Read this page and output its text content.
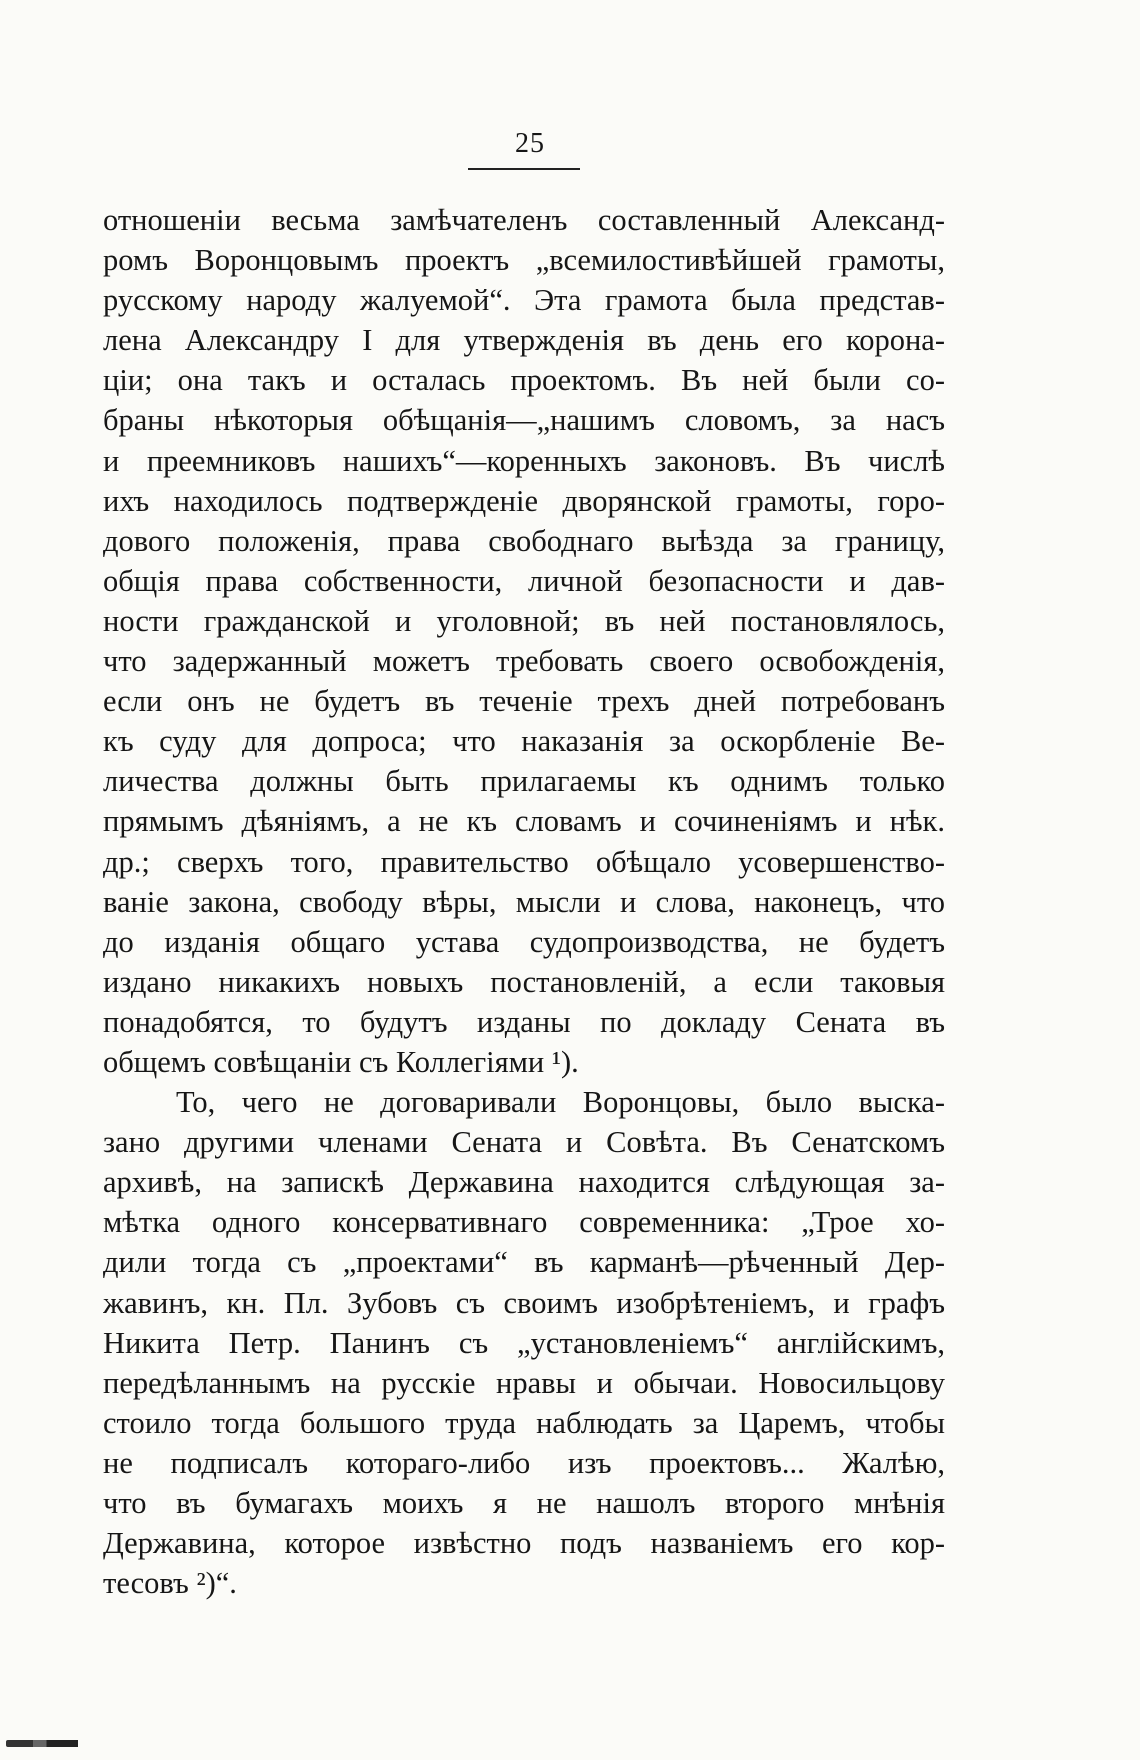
25
отношенiи весьма замѣчателенъ составленный Александ-
ромъ Воронцовымъ проектъ „всемилостивѣйшей грамоты,
русскому народу жалуемой“. Эта грамота была представ-
лена Александру I для утвержденiя въ день его корона-
цiи; она такъ и осталась проектомъ. Въ ней были со-
браны нѣкоторыя обѣщанiя—„нашимъ словомъ, за насъ
и преемниковъ нашихъ“—коренныхъ законовъ. Въ числѣ
ихъ находилось подтвержденiе дворянской грамоты, горо-
дового положенiя, права свободнаго выѣзда за границу,
общiя права собственности, личной безопасности и дав-
ности гражданской и уголовной; въ ней постановлялось,
что задержанный можетъ требовать своего освобожденiя,
если онъ не будетъ въ теченiе трехъ дней потребованъ
къ суду для допроса; что наказанiя за оскорбленiе Ве-
личества должны быть прилагаемы къ однимъ только
прямымъ дѣянiямъ, а не къ словамъ и сочиненiямъ и нѣк.
др.; сверхъ того, правительство обѣщало усовершенство-
ванiе закона, свободу вѣры, мысли и слова, наконецъ, что
до изданiя общаго устава судопроизводства, не будетъ
издано никакихъ новыхъ постановленiй, а если таковыя
понадобятся, то будутъ изданы по докладу Сената въ
общемъ совѣщанiи съ Коллегiями ¹).
То, чего не договаривали Воронцовы, было выска-
зано другими членами Сената и Совѣта. Въ Сенатскомъ
архивѣ, на запискѣ Державина находится слѣдующая за-
мѣтка одного консервативнаго современника: „Трое хо-
дили тогда съ „проектами“ въ карманѣ—рѣченный Дер-
жавинъ, кн. Пл. Зубовъ съ своимъ изобрѣтенiемъ, и графъ
Никита Петр. Панинъ съ „установленiемъ“ англiйскимъ,
передѣланнымъ на русскiе нравы и обычаи. Новосильцову
стоило тогда большого труда наблюдать за Царемъ, чтобы
не подписалъ котораго-либо изъ проектовъ... Жалѣю,
что въ бумагахъ моихъ я не нашолъ второго мнѣнiя
Державина, которое извѣстно подъ названiемъ его кор-
тесовъ ²)“.
